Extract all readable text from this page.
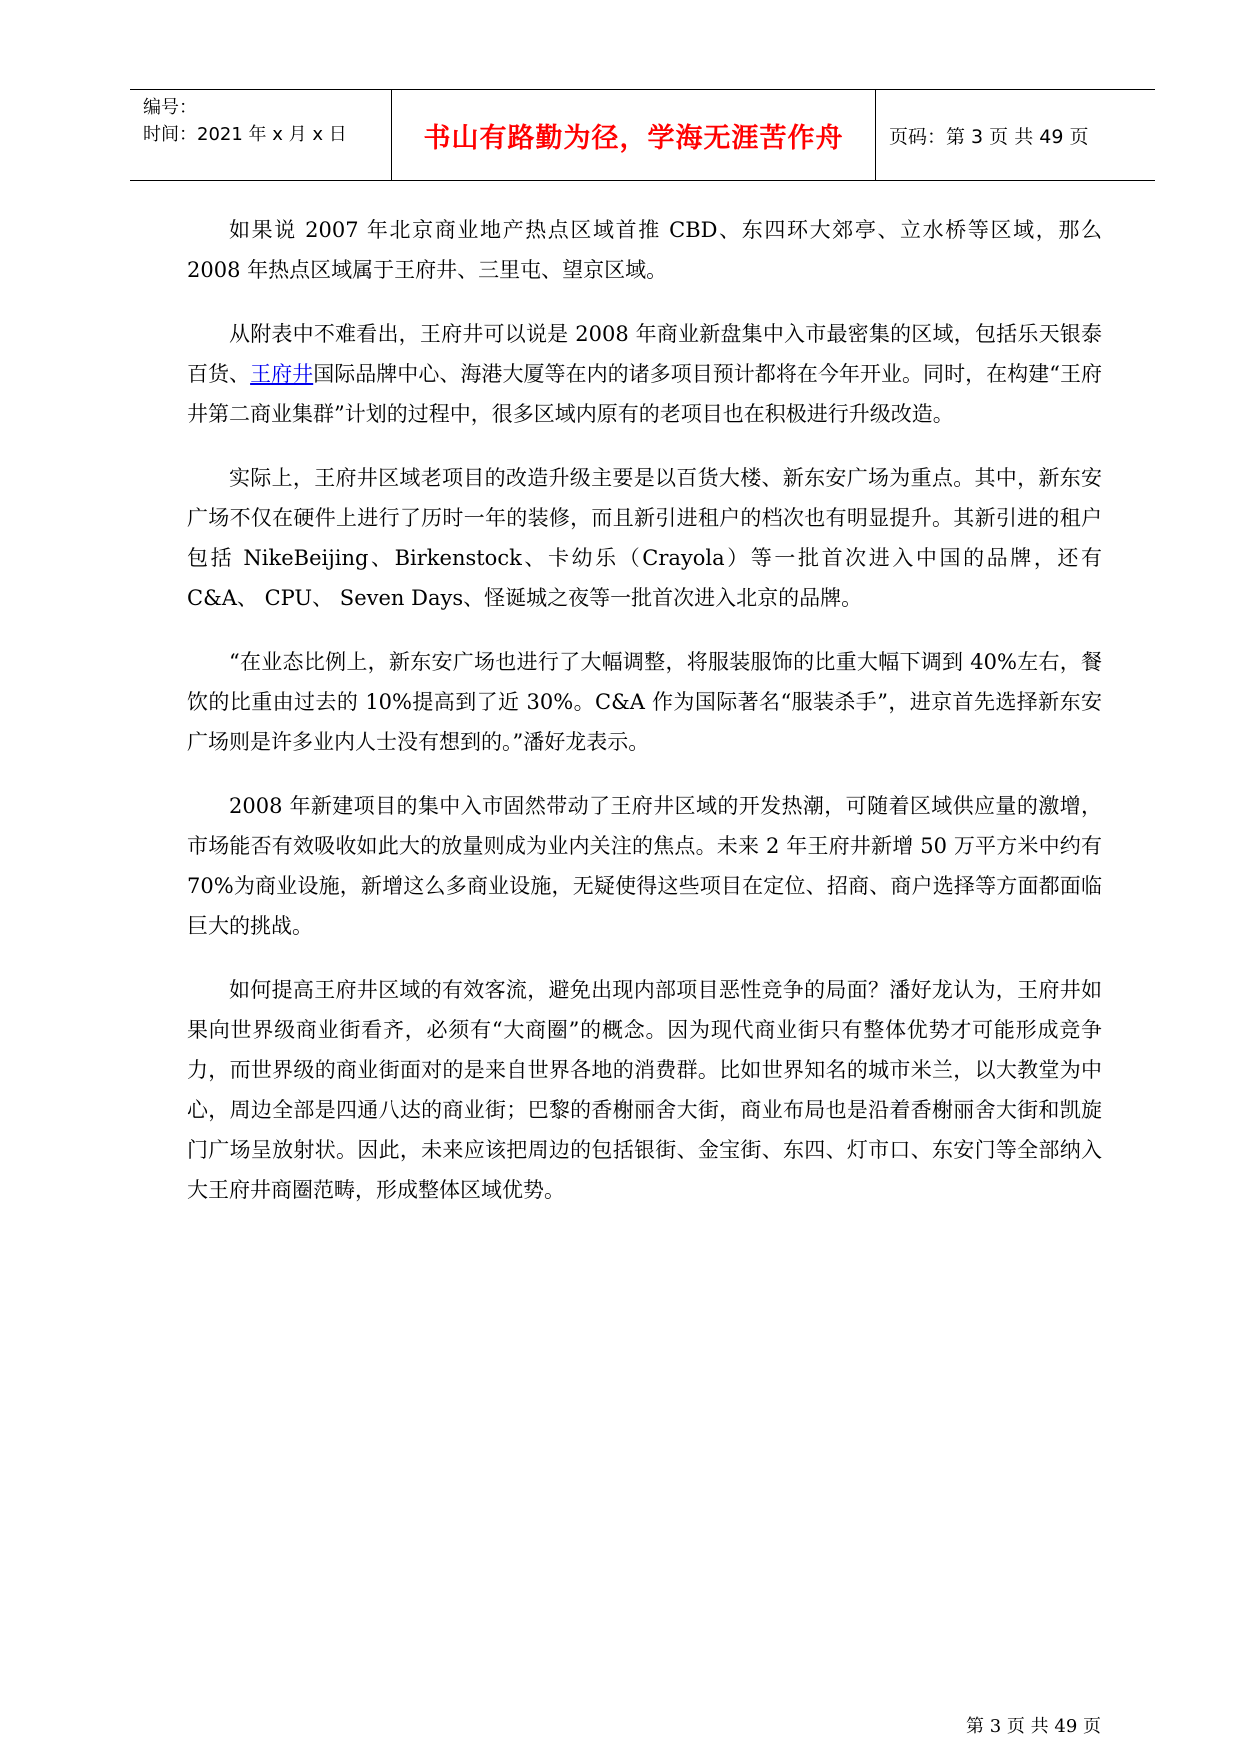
编号：
时间：2021 年 x 月 x 日	书山有路勤为径，学海无涯苦作舟	页码：第 3 页 共 49 页

如果说 2007 年北京商业地产热点区域首推 CBD、东四环大郊亭、立水桥等区域，那么 2008 年热点区域属于王府井、三里屯、望京区域。

从附表中不难看出，王府井可以说是 2008 年商业新盘集中入市最密集的区域，包括乐天银泰百货、王府井国际品牌中心、海港大厦等在内的诸多项目预计都将在今年开业。同时，在构建“王府井第二商业集群”计划的过程中，很多区域内原有的老项目也在积极进行升级改造。

实际上，王府井区域老项目的改造升级主要是以百货大楼、新东安广场为重点。其中，新东安广场不仅在硬件上进行了历时一年的装修，而且新引进租户的档次也有明显提升。其新引进的租户包括 NikeBeijing、Birkenstock、卡幼乐（Crayola）等一批首次进入中国的品牌，还有 C&A、 CPU、 Seven Days、怪诞城之夜等一批首次进入北京的品牌。

“在业态比例上，新东安广场也进行了大幅调整，将服装服饰的比重大幅下调到 40%左右，餐饮的比重由过去的 10%提高到了近 30%。C&A 作为国际著名“服装杀手”，进京首先选择新东安广场则是许多业内人士没有想到的。”潘好龙表示。

2008 年新建项目的集中入市固然带动了王府井区域的开发热潮，可随着区域供应量的激增，市场能否有效吸收如此大的放量则成为业内关注的焦点。未来 2 年王府井新增 50 万平方米中约有 70%为商业设施，新增这么多商业设施，无疑使得这些项目在定位、招商、商户选择等方面都面临巨大的挑战。

如何提高王府井区域的有效客流，避免出现内部项目恶性竞争的局面？潘好龙认为，王府井如果向世界级商业街看齐，必须有“大商圈”的概念。因为现代商业街只有整体优势才可能形成竞争力，而世界级的商业街面对的是来自世界各地的消费群。比如世界知名的城市米兰，以大教堂为中心，周边全部是四通八达的商业街；巴黎的香榭丽舍大街，商业布局也是沿着香榭丽舍大街和凯旋门广场呈放射状。因此，未来应该把周边的包括银街、金宝街、东四、灯市口、东安门等全部纳入大王府井商圈范畴，形成整体区域优势。

第 3 页 共 49 页
